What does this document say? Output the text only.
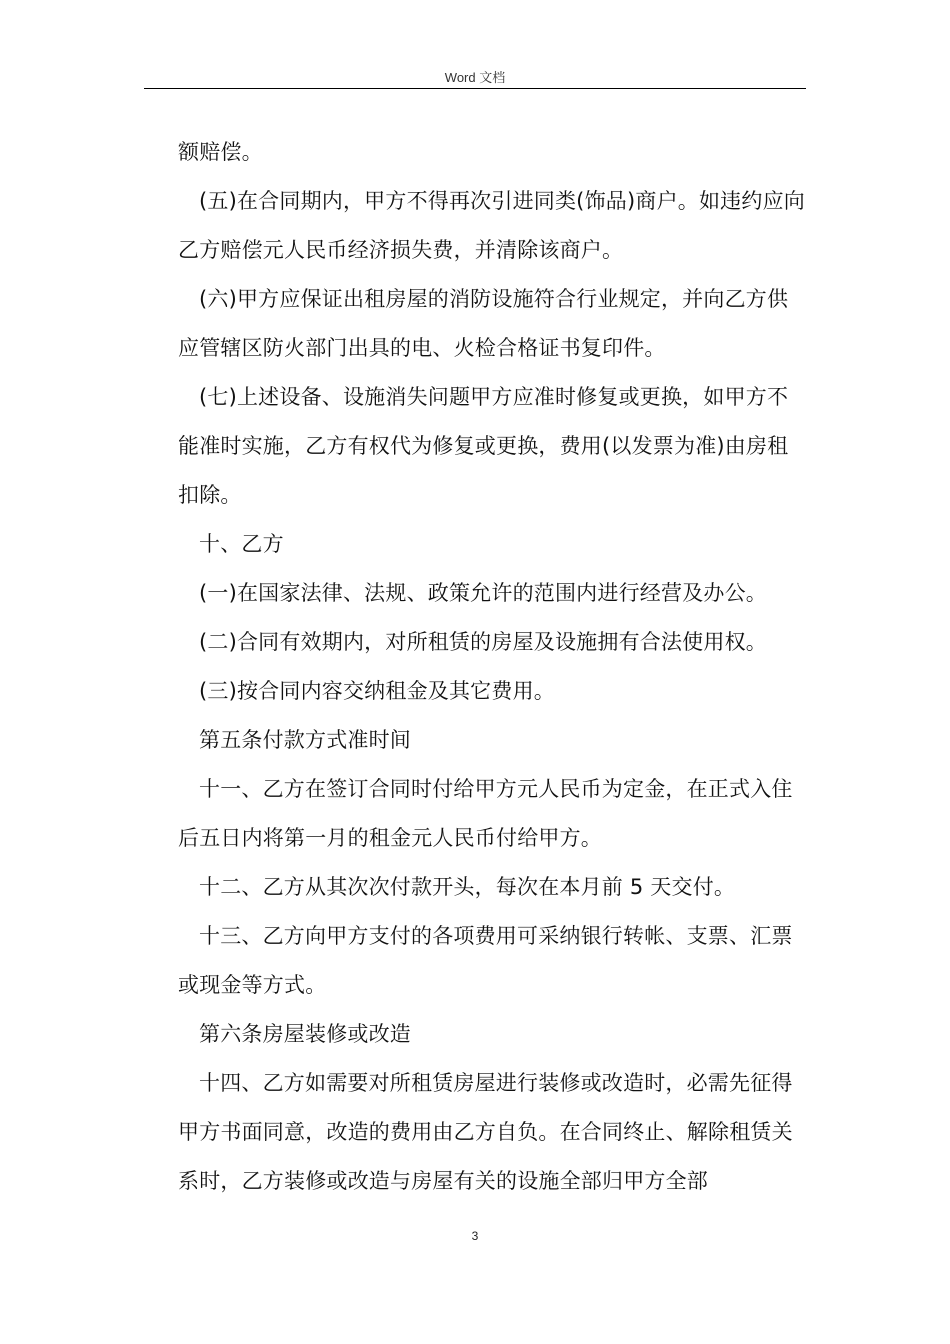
Word 文档

额赔偿。

(五)在合同期内，甲方不得再次引进同类(饰品)商户。如违约应向乙方赔偿元人民币经济损失费，并清除该商户。

(六)甲方应保证出租房屋的消防设施符合行业规定，并向乙方供应管辖区防火部门出具的电、火检合格证书复印件。

(七)上述设备、设施消失问题甲方应准时修复或更换，如甲方不能准时实施，乙方有权代为修复或更换，费用(以发票为准)由房租扣除。

十、乙方

(一)在国家法律、法规、政策允许的范围内进行经营及办公。

(二)合同有效期内，对所租赁的房屋及设施拥有合法使用权。

(三)按合同内容交纳租金及其它费用。

第五条付款方式准时间

十一、乙方在签订合同时付给甲方元人民币为定金，在正式入住后五日内将第一月的租金元人民币付给甲方。

十二、乙方从其次次付款开头，每次在本月前 5 天交付。

十三、乙方向甲方支付的各项费用可采纳银行转帐、支票、汇票或现金等方式。

第六条房屋装修或改造

十四、乙方如需要对所租赁房屋进行装修或改造时，必需先征得甲方书面同意，改造的费用由乙方自负。在合同终止、解除租赁关系时，乙方装修或改造与房屋有关的设施全部归甲方全部

3
